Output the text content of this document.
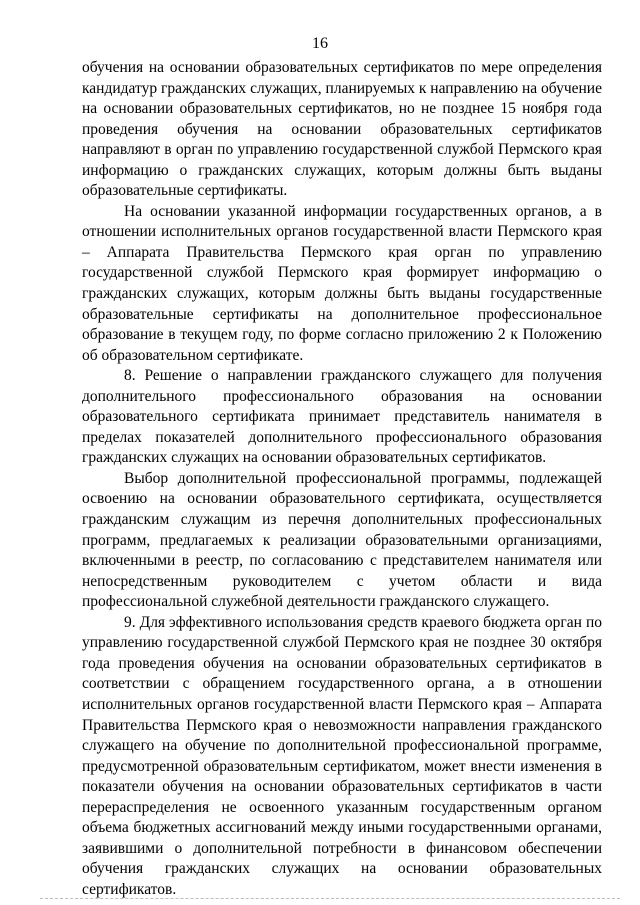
16

обучения на основании образовательных сертификатов по мере определения кандидатур гражданских служащих, планируемых к направлению на обучение на основании образовательных сертификатов, но не позднее 15 ноября года проведения обучения на основании образовательных сертификатов направляют в орган по управлению государственной службой Пермского края информацию о гражданских служащих, которым должны быть выданы образовательные сертификаты.

На основании указанной информации государственных органов, а в отношении исполнительных органов государственной власти Пермского края – Аппарата Правительства Пермского края орган по управлению государственной службой Пермского края формирует информацию о гражданских служащих, которым должны быть выданы государственные образовательные сертификаты на дополнительное профессиональное образование в текущем году, по форме согласно приложению 2 к Положению об образовательном сертификате.

8. Решение о направлении гражданского служащего для получения дополнительного профессионального образования на основании образовательного сертификата принимает представитель нанимателя в пределах показателей дополнительного профессионального образования гражданских служащих на основании образовательных сертификатов.

Выбор дополнительной профессиональной программы, подлежащей освоению на основании образовательного сертификата, осуществляется гражданским служащим из перечня дополнительных профессиональных программ, предлагаемых к реализации образовательными организациями, включенными в реестр, по согласованию с представителем нанимателя или непосредственным руководителем с учетом области и вида профессиональной служебной деятельности гражданского служащего.

9. Для эффективного использования средств краевого бюджета орган по управлению государственной службой Пермского края не позднее 30 октября года проведения обучения на основании образовательных сертификатов в соответствии с обращением государственного органа, а в отношении исполнительных органов государственной власти Пермского края – Аппарата Правительства Пермского края о невозможности направления гражданского служащего на обучение по дополнительной профессиональной программе, предусмотренной образовательным сертификатом, может внести изменения в показатели обучения на основании образовательных сертификатов в части перераспределения не освоенного указанным государственным органом объема бюджетных ассигнований между иными государственными органами, заявившими о дополнительной потребности в финансовом обеспечении обучения гражданских служащих на основании образовательных сертификатов.
